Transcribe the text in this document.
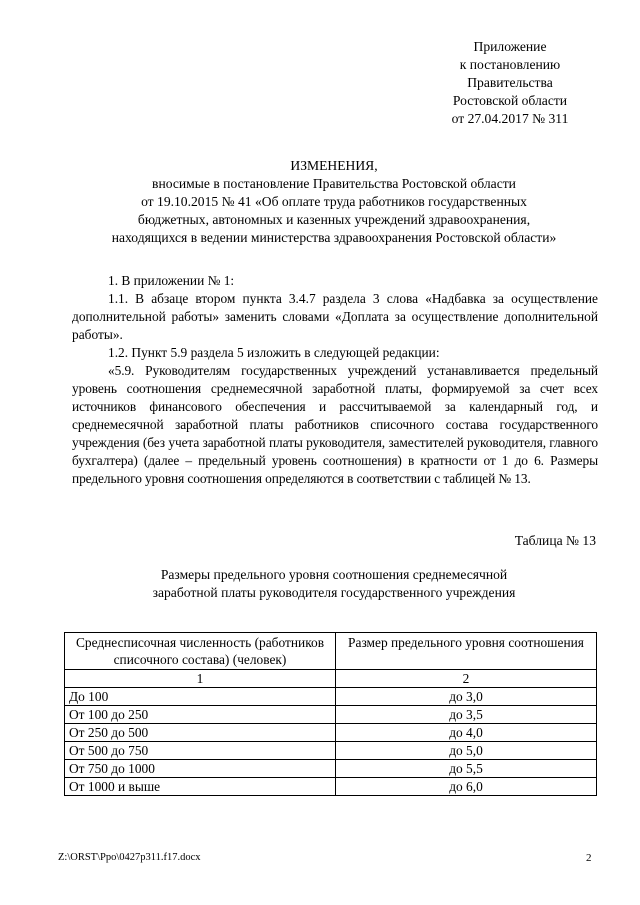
Приложение
к постановлению
Правительства
Ростовской области
от 27.04.2017 № 311
ИЗМЕНЕНИЯ,
вносимые в постановление Правительства Ростовской области
от 19.10.2015 № 41 «Об оплате труда работников государственных
бюджетных, автономных и казенных учреждений здравоохранения,
находящихся в ведении министерства здравоохранения Ростовской области»

1. В приложении № 1:

1.1. В абзаце втором пункта 3.4.7 раздела 3 слова «Надбавка за осуществление дополнительной работы» заменить словами «Доплата за осуществление дополнительной работы».

1.2. Пункт 5.9 раздела 5 изложить в следующей редакции:

«5.9. Руководителям государственных учреждений устанавливается предельный уровень соотношения среднемесячной заработной платы, формируемой за счет всех источников финансового обеспечения и рассчитываемой за календарный год, и среднемесячной заработной платы работников списочного состава государственного учреждения (без учета заработной платы руководителя, заместителей руководителя, главного бухгалтера) (далее – предельный уровень соотношения) в кратности от 1 до 6. Размеры предельного уровня соотношения определяются в соответствии с таблицей № 13.

Таблица № 13
Размеры предельного уровня соотношения среднемесячной
заработной платы руководителя государственного учреждения
Среднесписочная численность (работников списочного состава) (человек)	Размер предельного уровня соотношения
1	2
До 100	до 3,0
От 100 до 250	до 3,5
От 250 до 500	до 4,0
От 500 до 750	до 5,0
От 750 до 1000	до 5,5
От 1000 и выше	до 6,0
Z:\ORST\Ppo\0427p311.f17.docx	2
